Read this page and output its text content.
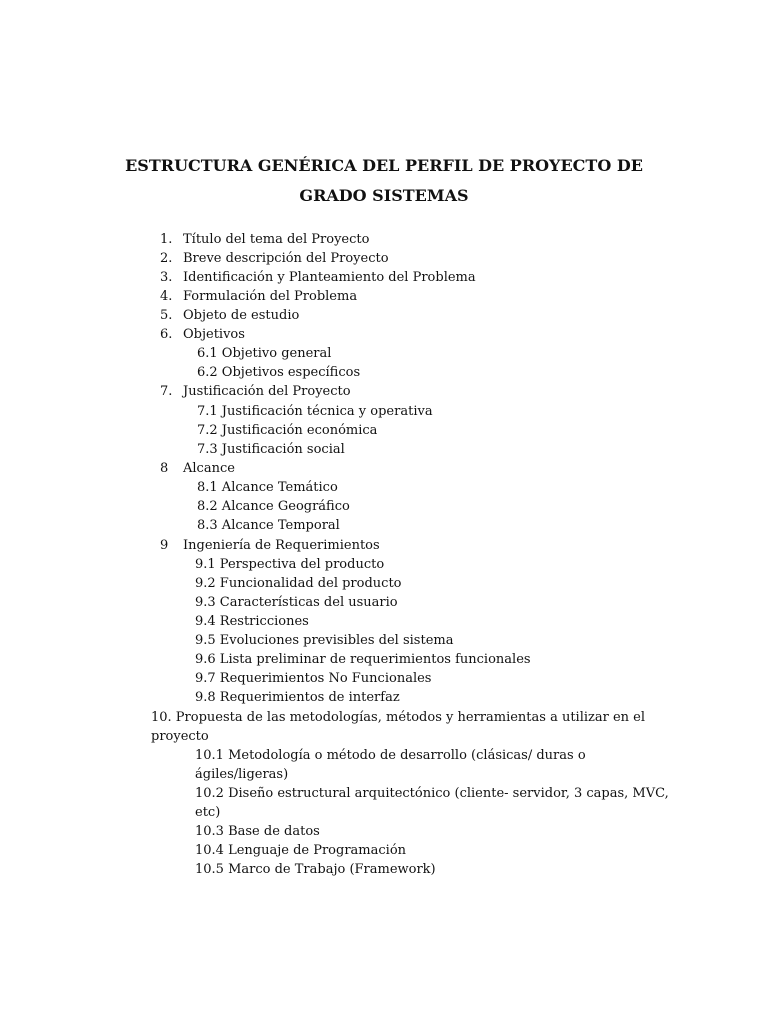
ESTRUCTURA GENÉRICA DEL PERFIL DE PROYECTO DE
GRADO SISTEMAS
1. Título del tema del Proyecto
2. Breve descripción del Proyecto
3. Identificación y Planteamiento del Problema
4. Formulación del Problema
5. Objeto de estudio
6. Objetivos
6.1 Objetivo general
6.2 Objetivos específicos
7. Justificación del Proyecto
7.1 Justificación técnica y operativa
7.2 Justificación económica
7.3 Justificación social
8 Alcance
8.1 Alcance Temático
8.2 Alcance Geográfico
8.3 Alcance Temporal
9 Ingeniería de Requerimientos
9.1 Perspectiva del producto
9.2 Funcionalidad del producto
9.3 Características del usuario
9.4 Restricciones
9.5 Evoluciones previsibles del sistema
9.6 Lista preliminar de requerimientos funcionales
9.7 Requerimientos No Funcionales
9.8 Requerimientos de interfaz
10. Propuesta de las metodologías, métodos y herramientas a utilizar en el
proyecto
10.1 Metodología o método de desarrollo (clásicas/ duras o
ágiles/ligeras)
10.2 Diseño estructural arquitectónico (cliente- servidor, 3 capas, MVC,
etc)
10.3 Base de datos
10.4 Lenguaje de Programación
10.5 Marco de Trabajo (Framework)
